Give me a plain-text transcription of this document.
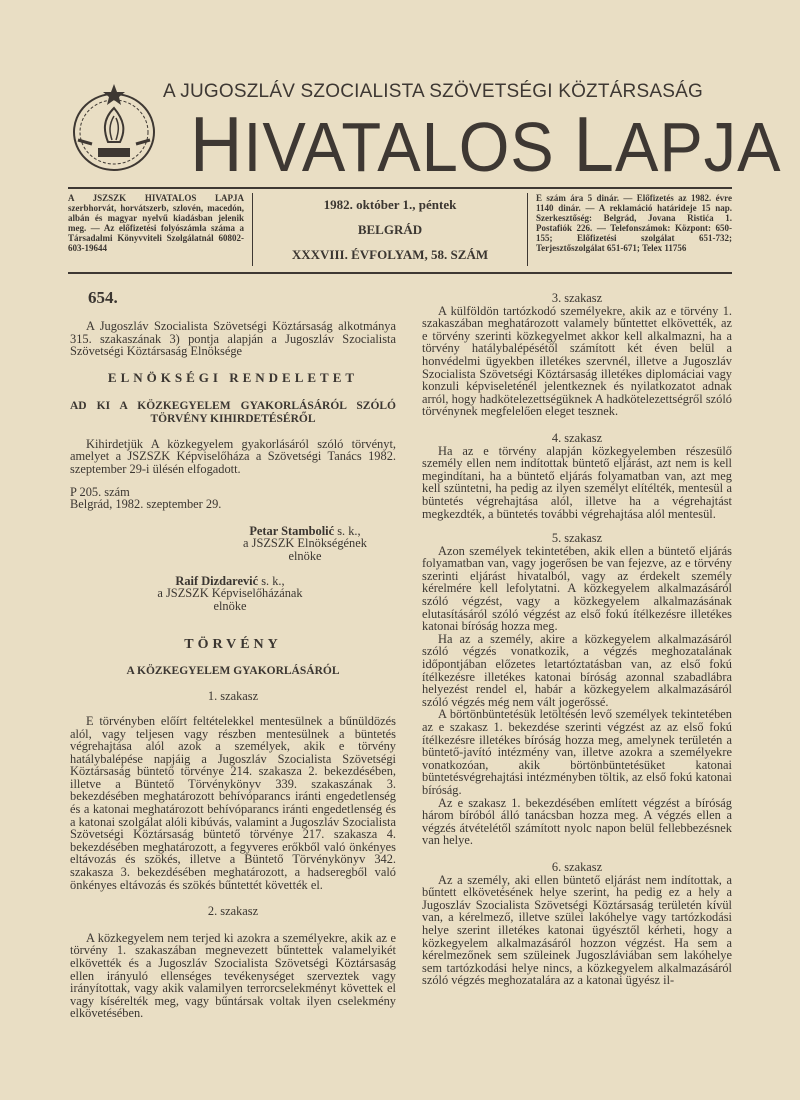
A JUGOSZLÁV SZOCIALISTA SZÖVETSÉGI KÖZTÁRSASÁG
HIVATALOS LAPJA
A JSZSZK HIVATALOS LAPJA szerbhorvát, horvátszerb, szlovén, macedón, albán és magyar nyelvű kiadásban jelenik meg. — Az előfizetési folyószámla száma a Társadalmi Könyvviteli Szolgálatnál 60802-603-19644
1982. október 1., péntek
BELGRÁD
XXXVIII. ÉVFOLYAM, 58. SZÁM
E szám ára 5 dinár. — Előfizetés az 1982. évre 1140 dinár. — A reklamáció határideje 15 nap. Szerkesztőség: Belgrád, Jovana Ristića 1. Postafiók 226. — Telefonszámok: Központ: 650-155; Előfizetési szolgálat 651-732; Terjesztőszolgálat 651-671; Telex 11756
654.

A Jugoszláv Szocialista Szövetségi Köztársaság alkotmánya 315. szakaszának 3) pontja alapján a Jugoszláv Szocialista Szövetségi Köztársaság Elnöksége

ELNÖKSÉGI RENDELETET

AD KI A KÖZKEGYELEM GYAKORLÁSÁRÓL SZÓLÓ TÖRVÉNY KIHIRDETÉSÉRŐL

Kihirdetjük A közkegyelem gyakorlásáról szóló törvényt, amelyet a JSZSZK Képviselőháza a Szövetségi Tanács 1982. szeptember 29-i ülésén elfogadott.

P 205. szám

Belgrád, 1982. szeptember 29.

Petar Stambolić s. k.,
a JSZSZK Elnökségének
elnöke
Raif Dizdarević s. k.,
a JSZSZK Képviselőházának
elnöke

TÖRVÉNY

A KÖZKEGYELEM GYAKORLÁSÁRÓL

1. szakasz

E törvényben előírt feltételekkel mentesülnek a bűnüldözés alól, vagy teljesen vagy részben mentesülnek a büntetés végrehajtása alól azok a személyek, akik e törvény hatálybalépése napjáig a Jugoszláv Szocialista Szövetségi Köztársaság büntető törvénye 214. szakasza 2. bekezdésében, illetve a Büntető Törvénykönyv 339. szakaszának 3. bekezdésében meghatározott behívóparancs iránti engedetlenség és a katonai meghatározott behívóparancs iránti engedetlenség és a katonai szolgálat alóli kibúvás, valamint a Jugoszláv Szocialista Szövetségi Köztársaság büntető törvénye 217. szakasza 4. bekezdésében meghatározott, a fegyveres erőkből való önkényes eltávozás és szökés, illetve a Büntető Törvénykönyv 342. szakasza 3. bekezdésében meghatározott, a hadseregből való önkényes eltávozás és szökés bűntettét követték el.

2. szakasz

A közkegyelem nem terjed ki azokra a személyekre, akik az e törvény 1. szakaszában megnevezett bűntettek valamelyikét elkövették és a Jugoszláv Szocialista Szövetségi Köztársaság ellen irányuló ellenséges tevékenységet szerveztek vagy irányítottak, vagy akik valamilyen terrorcselekményt követtek el vagy kísérelték meg, vagy bűntársak voltak ilyen cselekmény elkövetésében.

3. szakasz

A külföldön tartózkodó személyekre, akik az e törvény 1. szakaszában meghatározott valamely bűntettet elkövették, az e törvény szerinti közkegyelmet akkor kell alkalmazni, ha a törvény hatálybalépésétől számított két éven belül a honvédelmi ügyekben illetékes szervnél, illetve a Jugoszláv Szocialista Szövetségi Köztársaság illetékes diplomáciai vagy konzuli képviseleténél jelentkeznek és nyilatkozatot adnak arról, hogy hadkötelezettségüknek A hadkötelezettségről szóló törvénynek megfelelően eleget tesznek.

4. szakasz

Ha az e törvény alapján közkegyelemben részesülő személy ellen nem indítottak büntető eljárást, azt nem is kell megindítani, ha a büntető eljárás folyamatban van, azt meg kell szüntetni, ha pedig az ilyen személyt elítélték, mentesül a büntetés végrehajtása alól, illetve ha a végrehajtást megkezdték, a büntetés további végrehajtása alól mentesül.

5. szakasz

Azon személyek tekintetében, akik ellen a büntető eljárás folyamatban van, vagy jogerősen be van fejezve, az e törvény szerinti eljárást hivatalból, vagy az érdekelt személy kérelmére kell lefolytatni. A közkegyelem alkalmazásáról szóló végzést, vagy a közkegyelem alkalmazásának elutasításáról szóló végzést az első fokú ítélkezésre illetékes katonai bíróság hozza meg.

Ha az a személy, akire a közkegyelem alkalmazásáról szóló végzés vonatkozik, a végzés meghozatalának időpontjában előzetes letartóztatásban van, az első fokú ítélkezésre illetékes katonai bíróság azonnal szabadlábra helyezést rendel el, habár a közkegyelem alkalmazásáról szóló végzés még nem vált jogerőssé.

A börtönbüntetésük letöltésén levő személyek tekintetében az e szakasz 1. bekezdése szerinti végzést az az első fokú ítélkezésre illetékes bíróság hozza meg, amelynek területén a büntető-javító intézmény van, illetve azokra a személyekre vonatkozóan, akik börtönbüntetésüket katonai büntetésvégrehajtási intézményben töltik, az első fokú katonai bíróság.

Az e szakasz 1. bekezdésében említett végzést a bíróság három bíróból álló tanácsban hozza meg. A végzés ellen a végzés átvételétől számított nyolc napon belül fellebbezésnek van helye.

6. szakasz

Az a személy, aki ellen büntető eljárást nem indítottak, a bűntett elkövetésének helye szerint, ha pedig ez a hely a Jugoszláv Szocialista Szövetségi Köztársaság területén kívül van, a kérelmező, illetve szülei lakóhelye vagy tartózkodási helye szerint illetékes katonai ügyésztől kérheti, hogy a közkegyelem alkalmazásáról hozzon végzést. Ha sem a kérelmezőnek sem szüleinek Jugoszláviában sem lakóhelye sem tartózkodási helye nincs, a közkegyelem alkalmazásáról szóló végzés meghozatalára az a katonai ügyész il-
